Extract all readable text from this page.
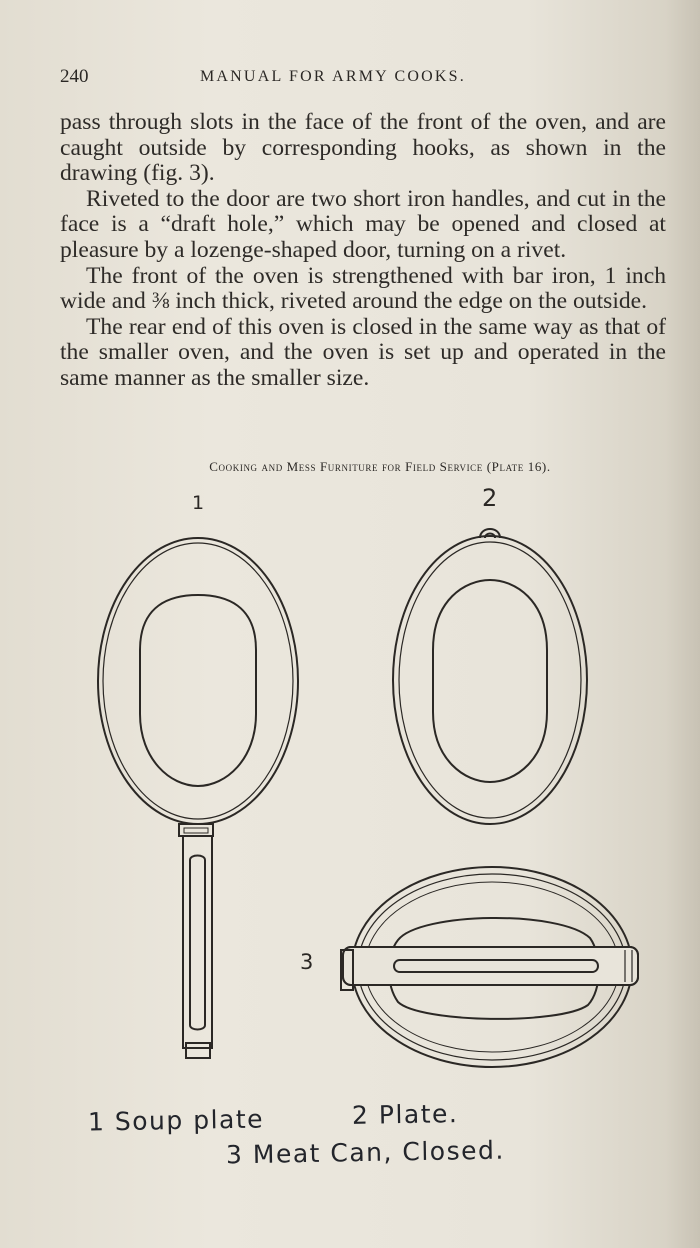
240	MANUAL FOR ARMY COOKS.

pass through slots in the face of the front of the oven, and are caught outside by corresponding hooks, as shown in the drawing (fig. 3).

Riveted to the door are two short iron handles, and cut in the face is a “draft hole,” which may be opened and closed at pleasure by a lozenge-shaped door, turning on a rivet.

The front of the oven is strengthened with bar iron, 1 inch wide and ⅜ inch thick, riveted around the edge on the outside.

The rear end of this oven is closed in the same way as that of the smaller oven, and the oven is set up and operated in the same manner as the smaller size.

Cooking and Mess Furniture for Field Service (Plate 16).
1	2
3
1 Soup plate	2 Plate.
3 Meat Can, Closed.
